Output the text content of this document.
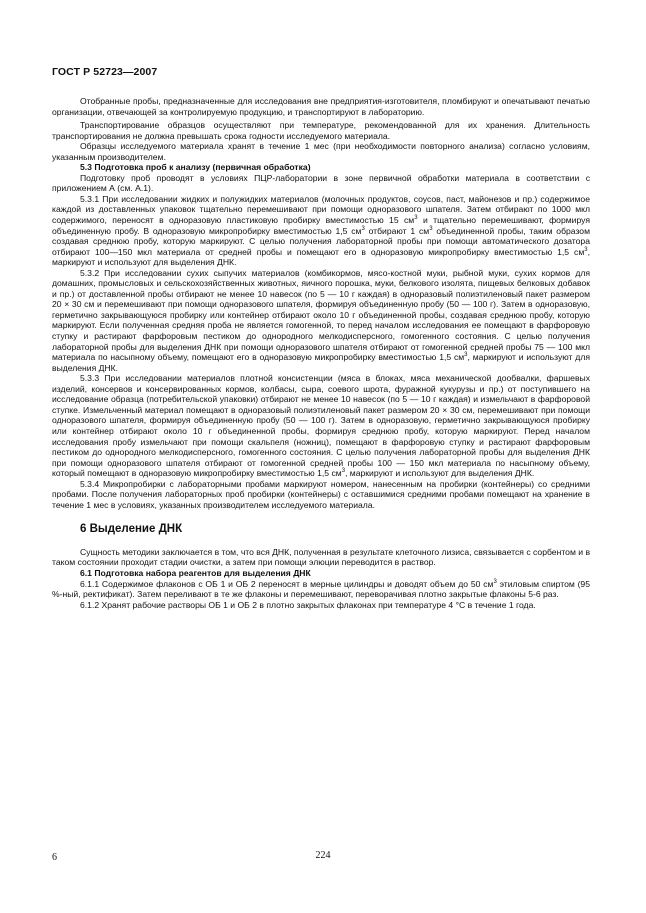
ГОСТ Р 52723—2007

Отобранные пробы, предназначенные для исследования вне предприятия-изготовителя, пломбируют и опечатывают печатью организации, отвечающей за контролируемую продукцию, и транспортируют в лабораторию.

Транспортирование образцов осуществляют при температуре, рекомендованной для их хранения. Длительность транспортирования не должна превышать срока годности исследуемого материала.

Образцы исследуемого материала хранят в течение 1 мес (при необходимости повторного анализа) согласно условиям, указанным производителем.

5.3 Подготовка проб к анализу (первичная обработка)

Подготовку проб проводят в условиях ПЦР-лаборатории в зоне первичной обработки материала в соответствии с приложением А (см. А.1).

5.3.1 При исследовании жидких и полужидких материалов (молочных продуктов, соусов, паст, майонезов и пр.) содержимое каждой из доставленных упаковок тщательно перемешивают при помощи одноразового шпателя. Затем отбирают по 1000 мкл содержимого, переносят в одноразовую пластиковую пробирку вместимостью 15 $см^3$ и тщательно перемешивают, формируя объединенную пробу. В одноразовую микропробирку вместимостью 1,5 $см^3$ отбирают 1 $см^3$ объединенной пробы, таким образом создавая среднюю пробу, которую маркируют. С целью получения лабораторной пробы при помощи автоматического дозатора отбирают 100—150 мкл материала от средней пробы и помещают его в одноразовую микропробирку вместимостью 1,5 $см^3$, маркируют и используют для выделения ДНК.

5.3.2 При исследовании сухих сыпучих материалов (комбикормов, мясо-костной муки, рыбной муки, сухих кормов для домашних, промысловых и сельскохозяйственных животных, яичного порошка, муки, белкового изолята, пищевых белковых добавок и пр.) от доставленной пробы отбирают не менее 10 навесок (по 5 — 10 г каждая) в одноразовый полиэтиленовый пакет размером 20 × 30 см и перемешивают при помощи одноразового шпателя, формируя объединенную пробу (50 — 100 г). Затем в одноразовую, герметично закрывающуюся пробирку или контейнер отбирают около 10 г объединенной пробы, создавая среднюю пробу, которую маркируют. Если полученная средняя проба не является гомогенной, то перед началом исследования ее помещают в фарфоровую ступку и растирают фарфоровым пестиком до однородного мелкодисперсного, гомогенного состояния. С целью получения лабораторной пробы для выделения ДНК при помощи одноразового шпателя отбирают от гомогенной средней пробы 75 — 100 мкл материала по насыпному объему, помещают его в одноразовую микропробирку вместимостью 1,5 $см^3$, маркируют и используют для выделения ДНК.

5.3.3 При исследовании материалов плотной консистенции (мяса в блоках, мяса механической дообвалки, фаршевых изделий, консервов и консервированных кормов, колбасы, сыра, соевого шрота, фуражной кукурузы и пр.) от поступившего на исследование образца (потребительской упаковки) отбирают не менее 10 навесок (по 5 — 10 г каждая) и измельчают в фарфоровой ступке. Измельченный материал помещают в одноразовый полиэтиленовый пакет размером 20 × 30 см, перемешивают при помощи одноразового шпателя, формируя объединенную пробу (50 — 100 г). Затем в одноразовую, герметично закрывающуюся пробирку или контейнер отбирают около 10 г объединенной пробы, формируя среднюю пробу, которую маркируют. Перед началом исследования пробу измельчают при помощи скальпеля (ножниц), помещают в фарфоровую ступку и растирают фарфоровым пестиком до однородного мелкодисперсного, гомогенного состояния. С целью получения лабораторной пробы для выделения ДНК при помощи одноразового шпателя отбирают от гомогенной средней пробы 100 — 150 мкл материала по насыпному объему, который помещают в одноразовую микропробирку вместимостью 1,5 $см^3$, маркируют и используют для выделения ДНК.

5.3.4 Микропробирки с лабораторными пробами маркируют номером, нанесенным на пробирки (контейнеры) со средними пробами. После получения лабораторных проб пробирки (контейнеры) с оставшимися средними пробами помещают на хранение в течение 1 мес в условиях, указанных производителем исследуемого материала.

6 Выделение ДНК

Сущность методики заключается в том, что вся ДНК, полученная в результате клеточного лизиса, связывается с сорбентом и в таком состоянии проходит стадии очистки, а затем при помощи элюции переводится в раствор.

6.1 Подготовка набора реагентов для выделения ДНК

6.1.1 Содержимое флаконов с ОБ 1 и ОБ 2 переносят в мерные цилиндры и доводят объем до 50 $см^3$ этиловым спиртом (95 %-ный, ректификат). Затем переливают в те же флаконы и перемешивают, переворачивая плотно закрытые флаконы 5-6 раз.

6.1.2 Хранят рабочие растворы ОБ 1 и ОБ 2 в плотно закрытых флаконах при температуре 4 °С в течение 1 года.

6	224
